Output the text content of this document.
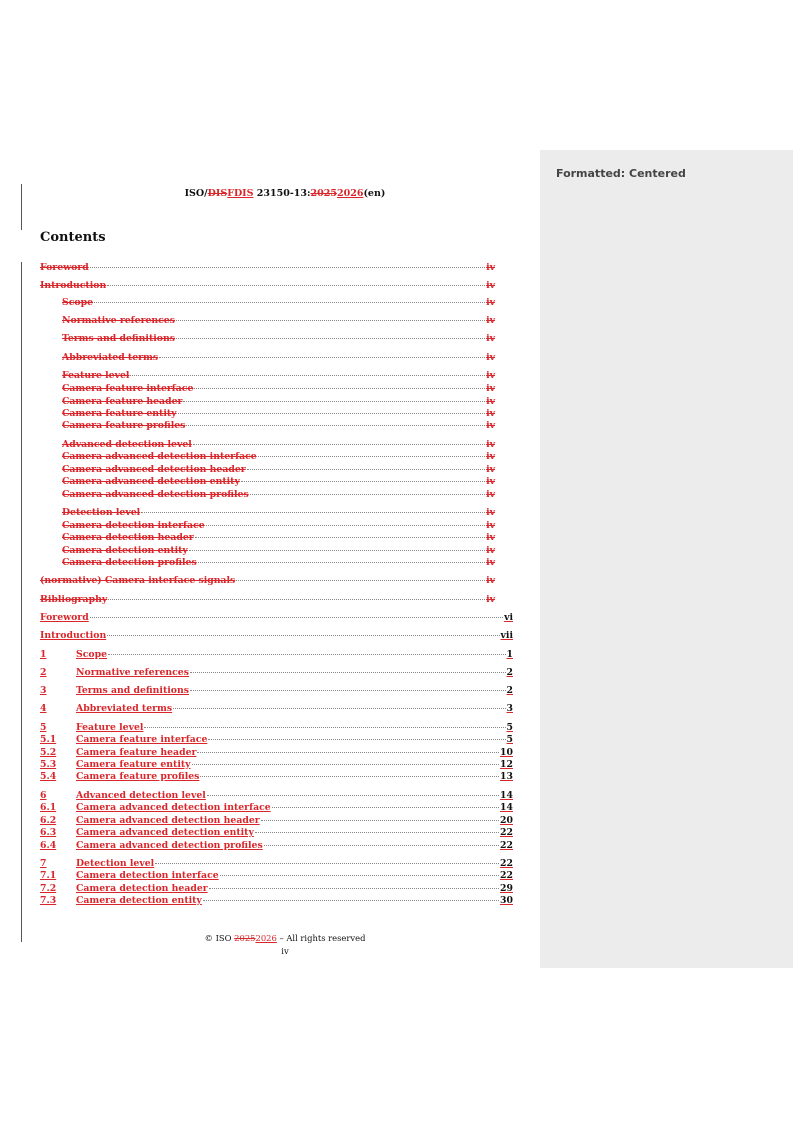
Formatted: Centered
ISO/DISFDIS 23150-13:20252026(en)
Contents
Foreword	iv
Introduction	iv
Scope	iv
Normative references	iv
Terms and definitions	iv
Abbreviated terms	iv
Feature level	iv
Camera feature interface	iv
Camera feature header	iv
Camera feature entity	iv
Camera feature profiles	iv
Advanced detection level	iv
Camera advanced detection interface	iv
Camera advanced detection header	iv
Camera advanced detection entity	iv
Camera advanced detection profiles	iv
Detection level	iv
Camera detection interface	iv
Camera detection header	iv
Camera detection entity	iv
Camera detection profiles	iv
(normative) Camera interface signals	iv
Bibliography	iv
Foreword	vi
Introduction	vii
1	Scope	1
2	Normative references	2
3	Terms and definitions	2
4	Abbreviated terms	3
5	Feature level	5
5.1	Camera feature interface	5
5.2	Camera feature header	10
5.3	Camera feature entity	12
5.4	Camera feature profiles	13
6	Advanced detection level	14
6.1	Camera advanced detection interface	14
6.2	Camera advanced detection header	20
6.3	Camera advanced detection entity	22
6.4	Camera advanced detection profiles	22
7	Detection level	22
7.1	Camera detection interface	22
7.2	Camera detection header	29
7.3	Camera detection entity	30
© ISO 20252026 – All rights reserved
iv
